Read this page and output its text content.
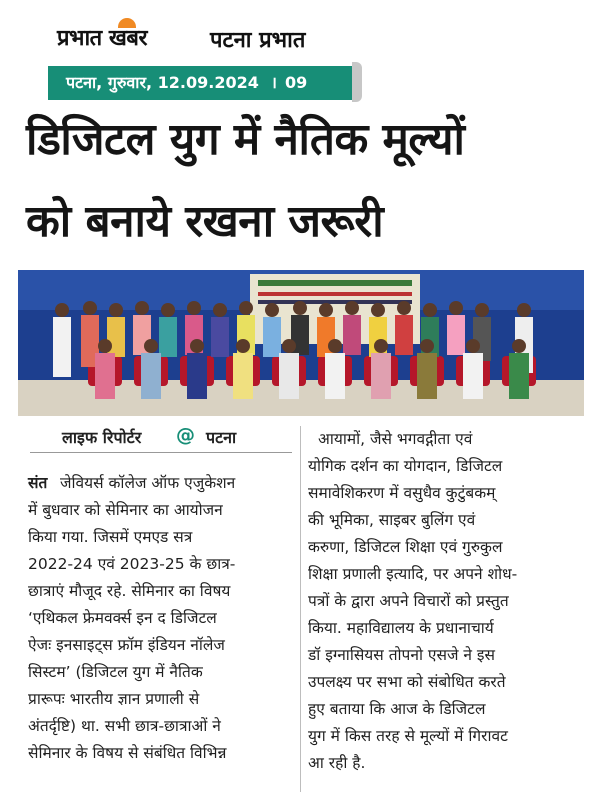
प्रभात खबर	पटना प्रभात
पटना, गुरुवार, 12.09.2024 । 09
डिजिटल युग में नैतिक मूल्यों
को बनाये रखना जरूरी
लाइफ रिपोर्टर @ पटना
संत जेवियर्स कॉलेज ऑफ एजुकेशन
में बुधवार को सेमिनार का आयोजन
किया गया. जिसमें एमएड सत्र
2022-24 एवं 2023-25 के छात्र-
छात्राएं मौजूद रहे. सेमिनार का विषय
‘एथिकल फ्रेमवर्क्स इन द डिजिटल
ऐजः इनसाइट्स फ्रॉम इंडियन नॉलेज
सिस्टम’ (डिजिटल युग में नैतिक
प्रारूपः भारतीय ज्ञान प्रणाली से
अंतर्दृष्टि) था. सभी छात्र-छात्राओं ने
सेमिनार के विषय से संबंधित विभिन्न
आयामों, जैसे भगवद्गीता एवं
योगिक दर्शन का योगदान, डिजिटल
समावेशिकरण में वसुधैव कुटुंबकम्
की भूमिका, साइबर बुलिंग एवं
करुणा, डिजिटल शिक्षा एवं गुरुकुल
शिक्षा प्रणाली इत्यादि, पर अपने शोध-
पत्रों के द्वारा अपने विचारों को प्रस्तुत
किया. महाविद्यालय के प्रधानाचार्य
डॉ इग्नासियस तोपनो एसजे ने इस
उपलक्ष्य पर सभा को संबोधित करते
हुए बताया कि आज के डिजिटल
युग में किस तरह से मूल्यों में गिरावट
आ रही है.
